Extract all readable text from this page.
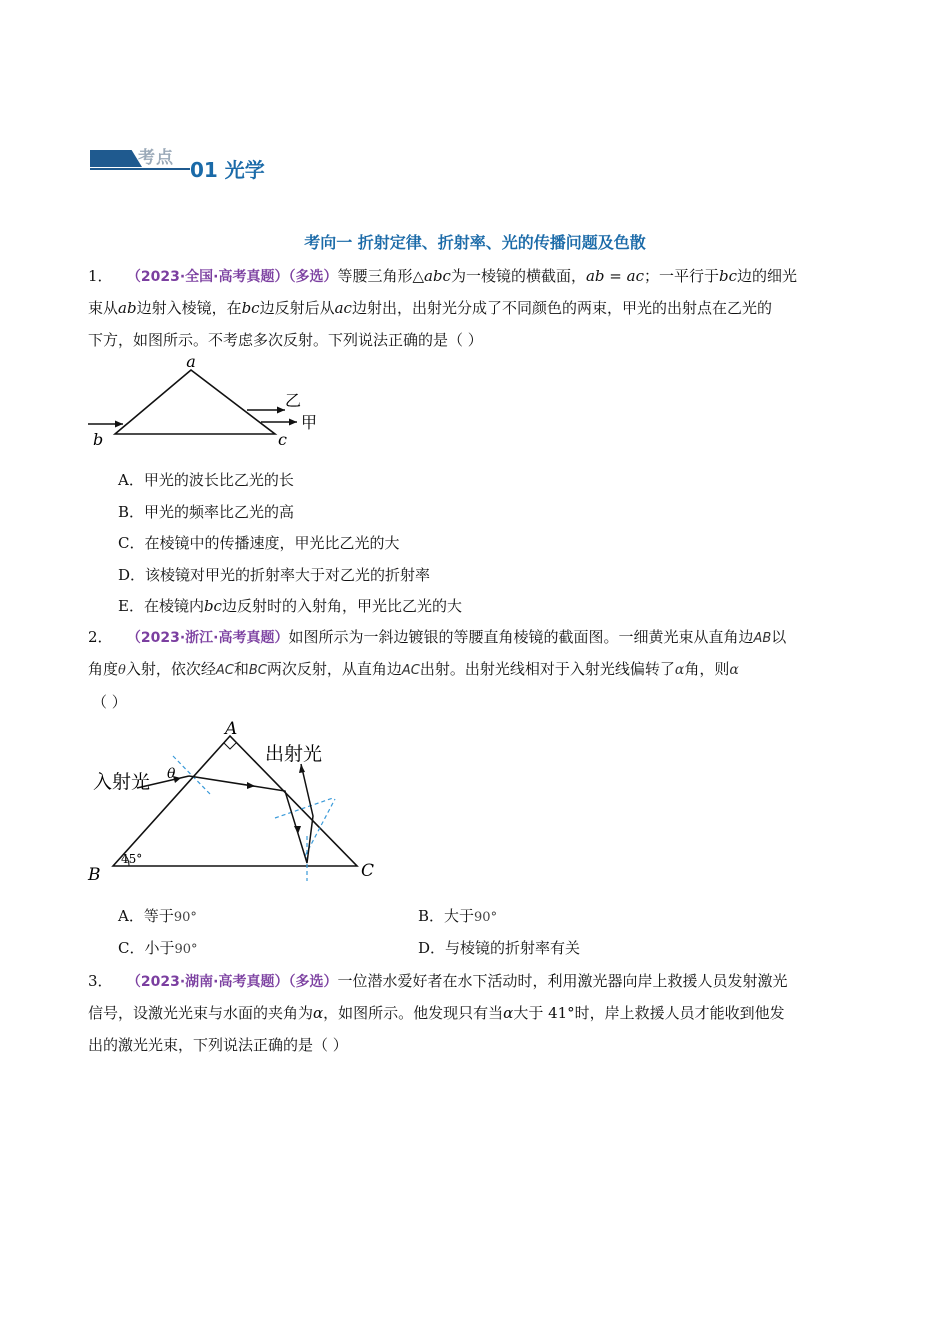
考点 01 光学
考向一 折射定律、折射率、光的传播问题及色散
1． （2023·全国·高考真题）（多选）等腰三角形△abc为一棱镜的横截面，ab = ac；一平行于bc边的细光
束从ab边射入棱镜，在bc边反射后从ac边射出，出射光分成了不同颜色的两束，甲光的出射点在乙光的
下方，如图所示。不考虑多次反射。下列说法正确的是（ ）
a
b	c
乙
甲
A．甲光的波长比乙光的长
B．甲光的频率比乙光的高
C．在棱镜中的传播速度，甲光比乙光的大
D．该棱镜对甲光的折射率大于对乙光的折射率
E．在棱镜内bc边反射时的入射角，甲光比乙光的大
2． （2023·浙江·高考真题）如图所示为一斜边镀银的等腰直角棱镜的截面图。一细黄光束从直角边AB以
角度θ入射，依次经AC和BC两次反射，从直角边AC出射。出射光线相对于入射光线偏转了α角，则α
（ ）
A
B	C
入射光
出射光
θ
45°
A．等于90°	B．大于90°
C．小于90°	D．与棱镜的折射率有关
3． （2023·湖南·高考真题）（多选）一位潜水爱好者在水下活动时，利用激光器向岸上救援人员发射激光
信号，设激光光束与水面的夹角为α，如图所示。他发现只有当α大于 41°时，岸上救援人员才能收到他发
出的激光光束，下列说法正确的是（ ）
